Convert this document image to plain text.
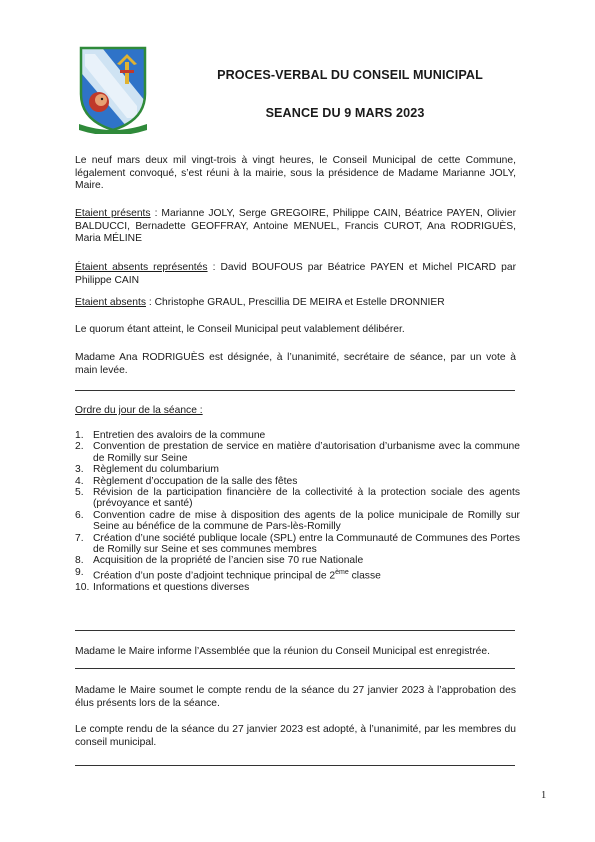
PROCES-VERBAL DU CONSEIL MUNICIPAL
SEANCE DU 9 MARS 2023
Le neuf mars deux mil vingt-trois à vingt heures, le Conseil Municipal de cette Commune, légalement convoqué, s’est réuni à la mairie, sous la présidence de Madame Marianne JOLY, Maire.
Etaient présents : Marianne JOLY, Serge GREGOIRE, Philippe CAIN, Béatrice PAYEN, Olivier BALDUCCI, Bernadette GEOFFRAY, Antoine MENUEL, Francis CUROT, Ana RODRIGUÈS, Maria MÉLINE
Étaient absents représentés : David BOUFOUS par Béatrice PAYEN et Michel PICARD par Philippe CAIN
Etaient absents : Christophe GRAUL, Prescillia DE MEIRA et Estelle DRONNIER
Le quorum étant atteint, le Conseil Municipal peut valablement délibérer.
Madame Ana RODRIGUÈS est désignée, à l’unanimité, secrétaire de séance, par un vote à main levée.
Ordre du jour de la séance :
1. Entretien des avaloirs de la commune
2. Convention de prestation de service en matière d’autorisation d’urbanisme avec la commune de Romilly sur Seine
3. Règlement du columbarium
4. Règlement d’occupation de la salle des fêtes
5. Révision de la participation financière de la collectivité à la protection sociale des agents (prévoyance et santé)
6. Convention cadre de mise à disposition des agents de la police municipale de Romilly sur Seine au bénéfice de la commune de Pars-lès-Romilly
7. Création d’une société publique locale (SPL) entre la Communauté de Communes des Portes de Romilly sur Seine et ses communes membres
8. Acquisition de la propriété de l’ancien sise 70 rue Nationale
9. Création d’un poste d’adjoint technique principal de 2ème classe
10. Informations et questions diverses
Madame le Maire informe l’Assemblée que la réunion du Conseil Municipal est enregistrée.
Madame le Maire soumet le compte rendu de la séance du 27 janvier 2023 à l’approbation des élus présents lors de la séance.
Le compte rendu de la séance du 27 janvier 2023 est adopté, à l’unanimité, par les membres du conseil municipal.
1
